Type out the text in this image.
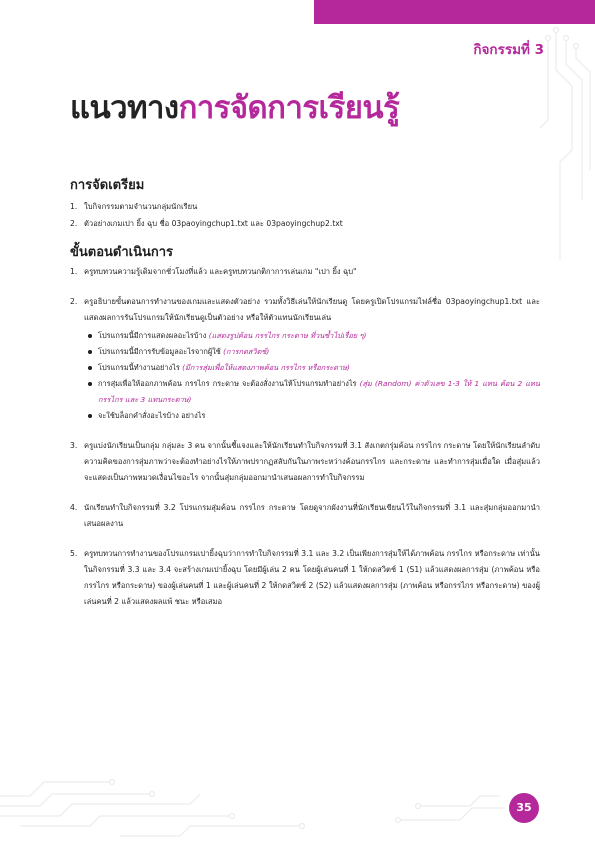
กิจกรรมที่ 3
แนวทางการจัดการเรียนรู้
การจัดเตรียม
1. ใบกิจกรรมตามจำนวนกลุ่มนักเรียน
2. ตัวอย่างเกมเปา ยิ้ง ฉุบ ชื่อ 03paoyingchup1.txt และ 03paoyingchup2.txt
ขั้นตอนดำเนินการ
1. ครูทบทวนความรู้เดิมจากชั่วโมงที่แล้ว และครูทบทวนกติกาการเล่นเกม "เปา ยิ้ง ฉุบ"
2. ครูอธิบายขั้นตอนการทำงานของเกมและแสดงตัวอย่าง รวมทั้งวิธีเล่นให้นักเรียนดู โดยครูเปิดโปรแกรมไฟล์ชื่อ 03paoyingchup1.txt และแสดงผลการรันโปรแกรมให้นักเรียนดูเป็นตัวอย่าง หรือให้ตัวแทนนักเรียนเล่น
โปรแกรมนี้มีการแสดงผลอะไรบ้าง (แสดงรูปค้อน กรรไกร กระดาษ ที่วนซ้ำไปเรื่อย ๆ)
โปรแกรมนี้มีการรับข้อมูลอะไรจากผู้ใช้ (การกดสวิตช์)
โปรแกรมนี้ทำงานอย่างไร (มีการสุ่มเพื่อให้แสดงภาพค้อน กรรไกร หรือกระดาษ)
การสุ่มเพื่อให้ออกภาพค้อน กรรไกร กระดาษ จะต้องสั่งงานให้โปรแกรมทำอย่างไร (สุ่ม (Random) ค่าตัวเลข 1-3 ให้ 1 แทน ค้อน 2 แทน กรรไกร และ 3 แทนกระดาษ)
จะใช้บล็อกคำสั่งอะไรบ้าง อย่างไร
3. ครูแบ่งนักเรียนเป็นกลุ่ม กลุ่มละ 3 คน จากนั้นชี้แจงและให้นักเรียนทำใบกิจกรรมที่ 3.1 สังเกตกรุ่มค้อน กรรไกร กระดาษ โดยให้นักเรียนลำดับความคิดของการสุ่มภาพว่าจะต้องทำอย่างไรให้ภาพปรากฏสลับกันในภาพระหว่างค้อนกรรไกร และกระดาษ และทำการสุ่มเมื่อใด เมื่อสุ่มแล้วจะแสดงเป็นภาพหมวดเงื่อนไขอะไร จากนั้นสุ่มกลุ่มออกมานำเสนอผลการทำใบกิจกรรม
4. นักเรียนทำใบกิจกรรมที่ 3.2 โปรแกรมสุ่มค้อน กรรไกร กระดาษ โดยดูจากผังงานที่นักเรียนเขียนไว้ในกิจกรรมที่ 3.1 และสุ่มกลุ่มออกมานำเสนอผลงาน
5. ครูทบทวนการทำงานของโปรแกรมเปายิ้งฉุบว่าการทำใบกิจกรรมที่ 3.1 และ 3.2 เป็นเพียงการสุ่มให้ได้ภาพค้อน กรรไกร หรือกระดาษ เท่านั้น ในกิจกรรมที่ 3.3 และ 3.4 จะสร้างเกมเปายิ้งฉุบ โดยมีผู้เล่น 2 คน โดยผู้เล่นคนที่ 1 ให้กดสวิตช์ 1 (S1) แล้วแสดงผลการสุ่ม (ภาพค้อน หรือกรรไกร หรือกระดาษ) ของผู้เล่นคนที่ 1 และผู้เล่นคนที่ 2 ให้กดสวิตช์ 2 (S2) แล้วแสดงผลการสุ่ม (ภาพค้อน หรือกรรไกร หรือกระดาษ) ของผู้เล่นคนที่ 2 แล้วแสดงผลแพ้ ชนะ หรือเสมอ
35
